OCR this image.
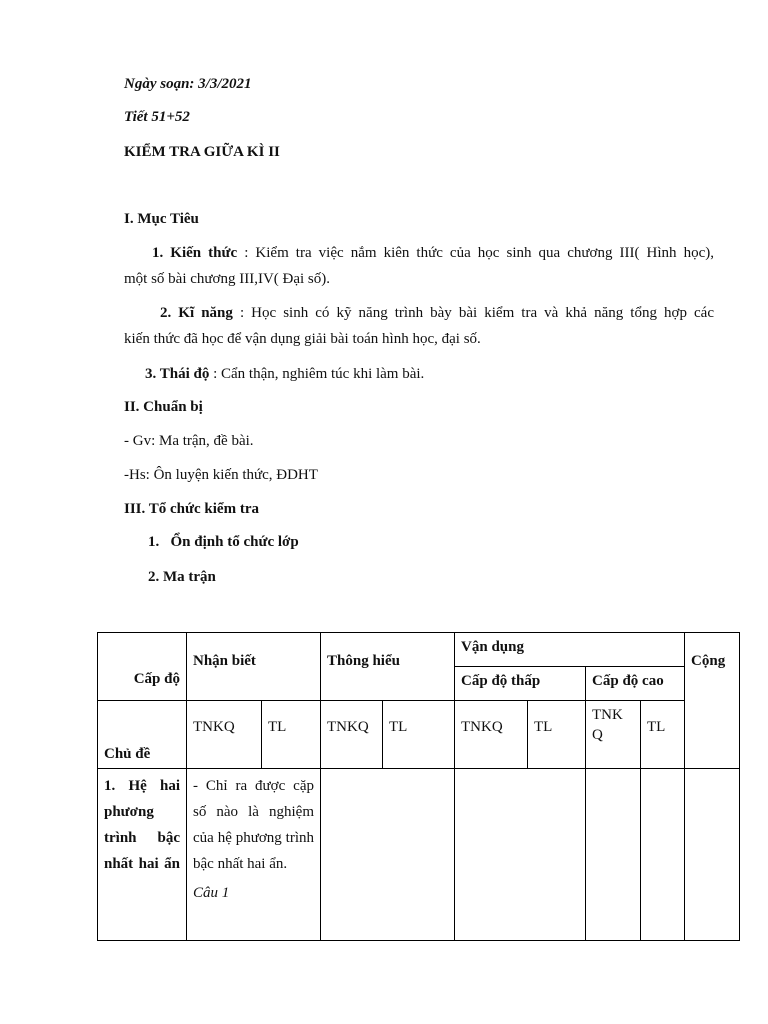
Ngày soạn: 3/3/2021
Tiết 51+52
KIỂM TRA GIỮA KÌ II
I. Mục Tiêu
1. Kiến thức : Kiểm tra việc nắm kiên thức của học sinh qua chương III( Hình học),
một số bài chương III,IV( Đại số).
2. Kĩ năng : Học sinh có kỹ năng trình bày bài kiểm tra và khả năng tổng hợp các
kiến thức đã học để vận dụng giải bài toán hình học, đại số.
3. Thái độ : Cẩn thận, nghiêm túc khi làm bài.
II. Chuẩn bị
- Gv: Ma trận, đề bài.
-Hs: Ôn luyện kiến thức, ĐDHT
III. Tổ chức kiểm tra
1.   Ổn định tổ chức lớp
2. Ma trận
Cấp độ	Nhận biết		Thông hiểu		Vận dụng				Cộng
					Cấp độ thấp		Cấp độ cao		
Chủ đề	TNKQ	TL	TNKQ	TL	TNKQ	TL	TNK Q	TL	
1. Hệ hai phương trình bậc nhất hai ẩn	- Chỉ ra được cặp số nào là nghiệm của hệ phương trình bậc nhất hai ẩn.
Câu 1								
